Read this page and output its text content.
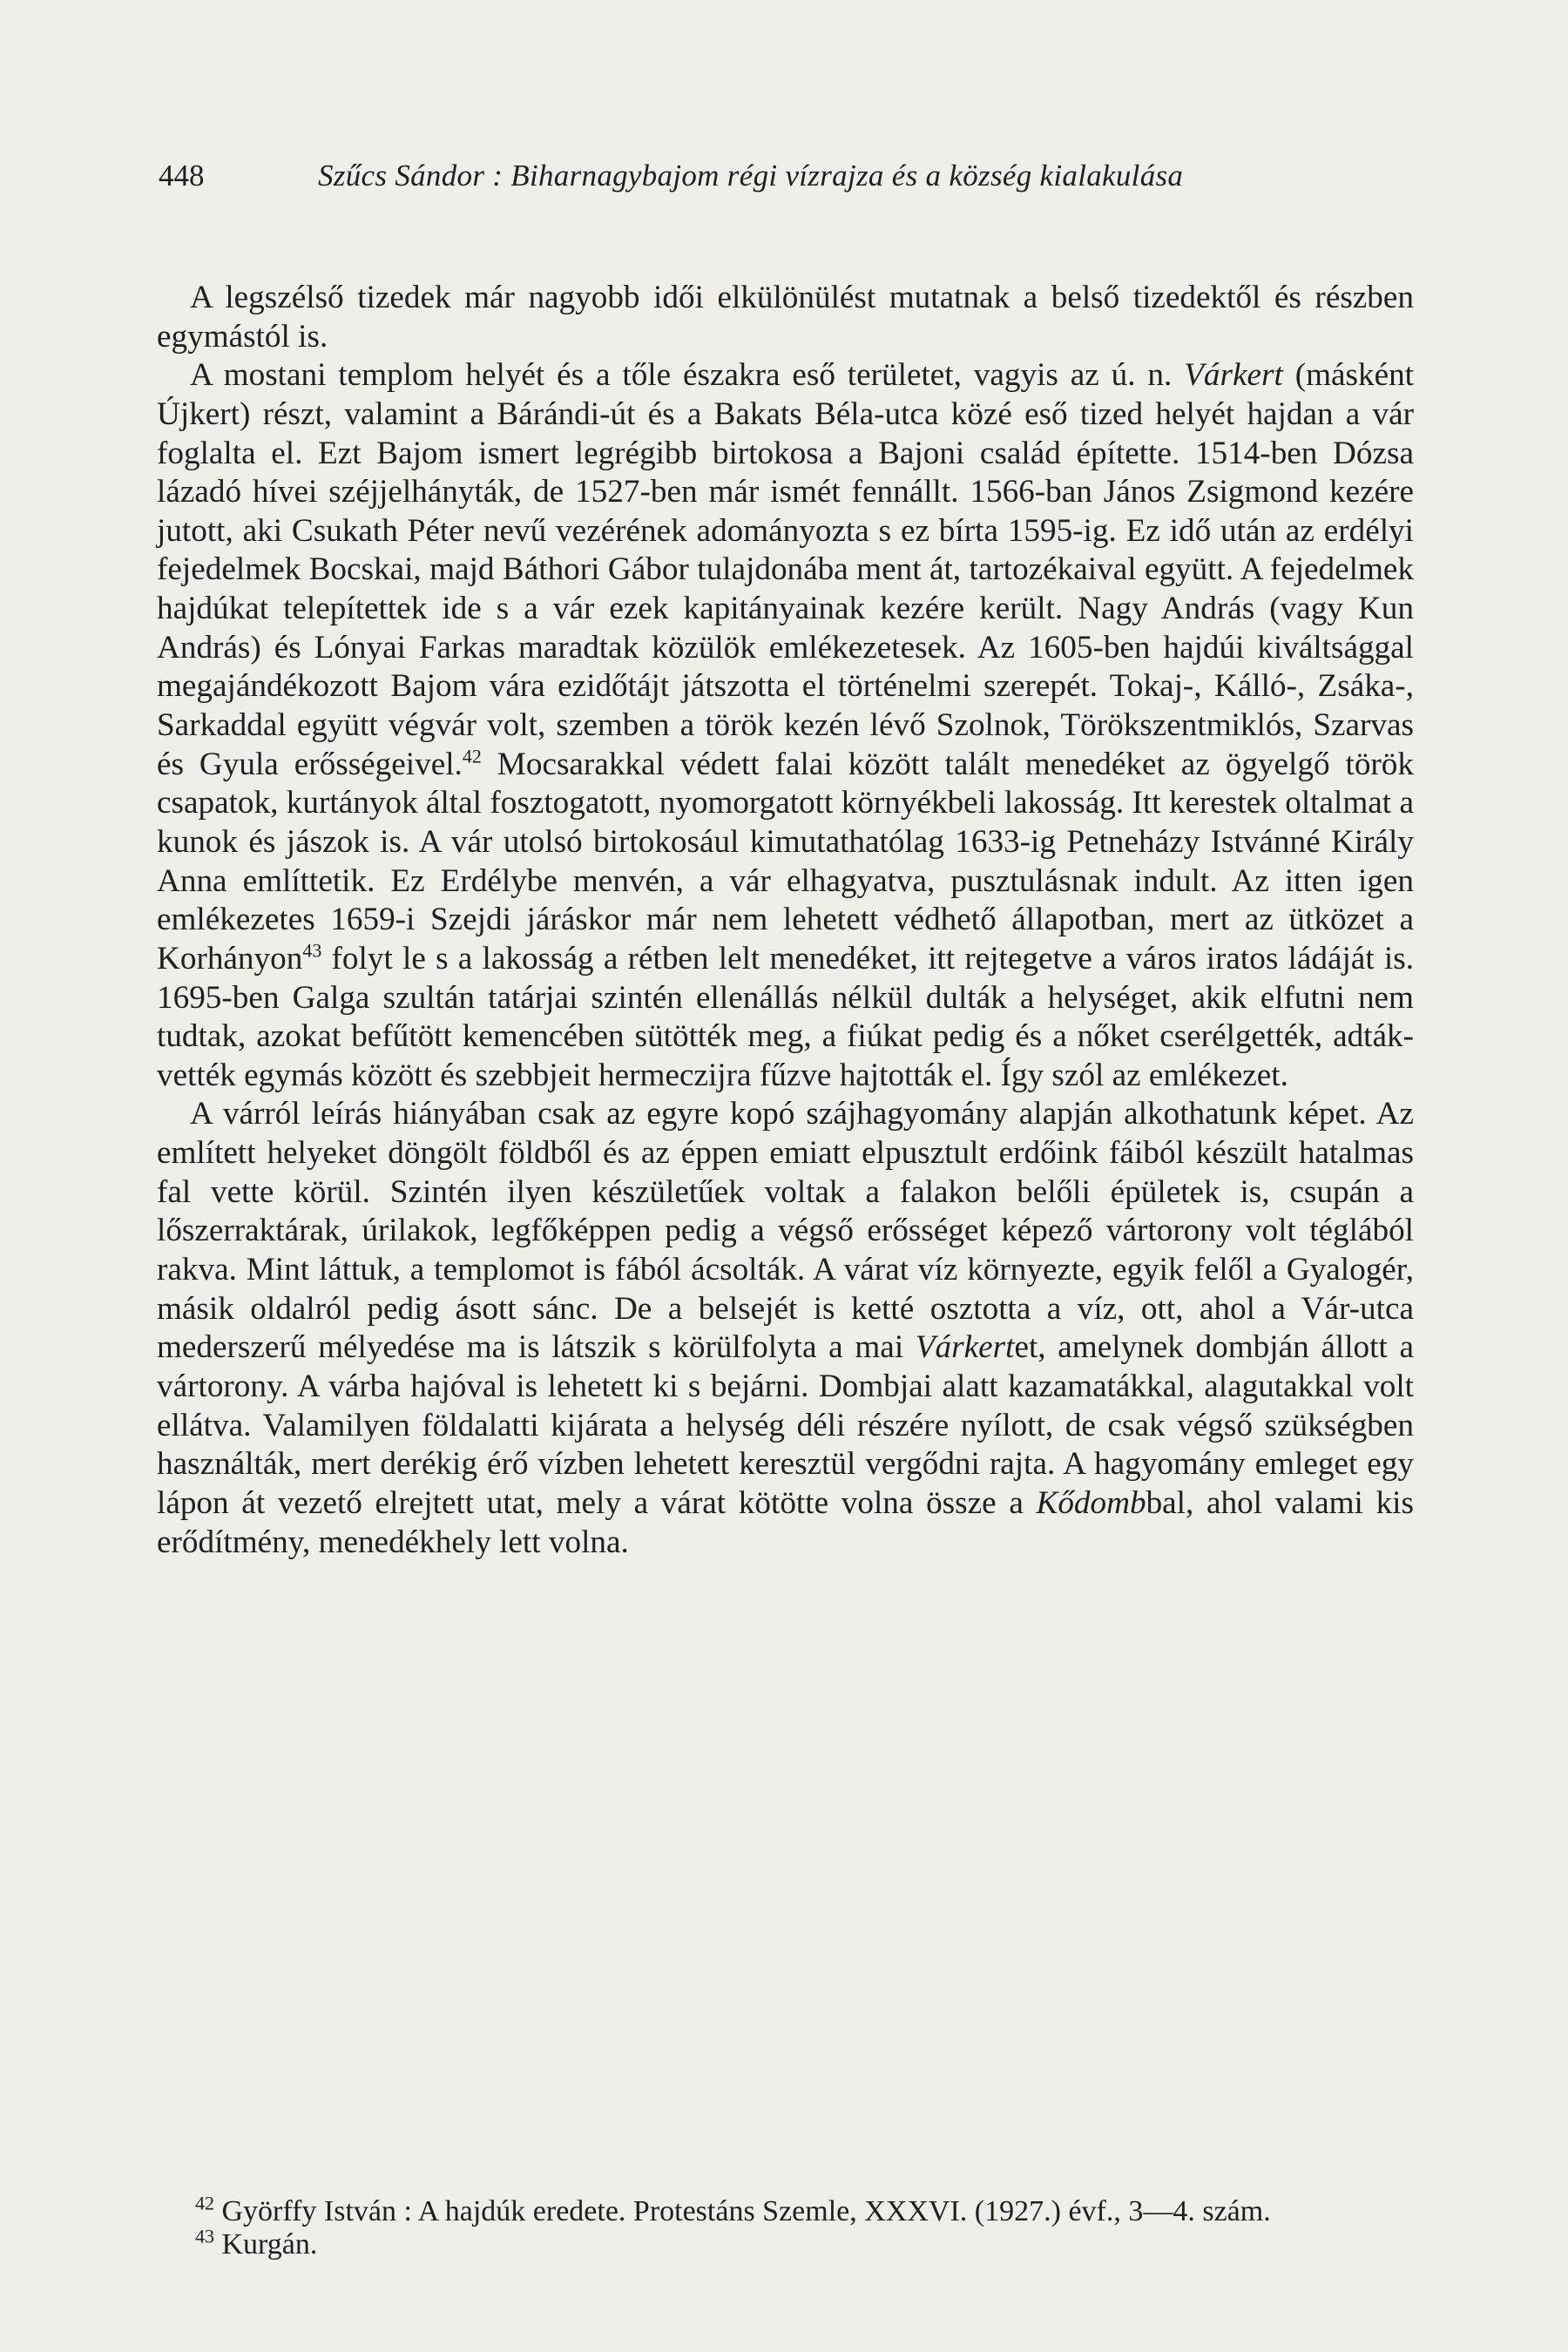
448	Szűcs Sándor : Biharnagybajom régi vízrajza és a község kialakulása

A legszélső tizedek már nagyobb idői elkülönülést mutatnak a belső tizedektől és részben egymástól is.

A mostani templom helyét és a tőle északra eső területet, vagyis az ú. n. Várkert (másként Újkert) részt, valamint a Bárándi-út és a Bakats Béla-utca közé eső tized helyét hajdan a vár foglalta el. Ezt Bajom ismert legrégibb birtokosa a Bajoni család építette. 1514-ben Dózsa lázadó hívei széjjelhányták, de 1527-ben már ismét fennállt. 1566-ban János Zsigmond kezére jutott, aki Csukath Péter nevű vezérének adományozta s ez bírta 1595-ig. Ez idő után az erdélyi fejedelmek Bocskai, majd Báthori Gábor tulajdonába ment át, tartozékaival együtt. A fejedelmek hajdúkat telepítettek ide s a vár ezek kapitányainak kezére került. Nagy András (vagy Kun András) és Lónyai Farkas maradtak közülök emlékezetesek. Az 1605-ben hajdúi kiváltsággal megajándékozott Bajom vára ezidőtájt játszotta el történelmi szerepét. Tokaj-, Kálló-, Zsáka-, Sarkaddal együtt végvár volt, szemben a török kezén lévő Szolnok, Törökszentmiklós, Szarvas és Gyula erősségeivel.$^{42}$ Mocsarakkal védett falai között talált menedéket az ögyelgő török csapatok, kurtányok által fosztogatott, nyomorgatott környékbeli lakosság. Itt kerestek oltalmat a kunok és jászok is. A vár utolsó birtokosául kimutathatólag 1633-ig Petneházy Istvánné Király Anna említtetik. Ez Erdélybe menvén, a vár elhagyatva, pusztulásnak indult. Az itten igen emlékezetes 1659-i Szejdi járáskor már nem lehetett védhető állapotban, mert az ütközet a Korhányon$^{43}$ folyt le s a lakosság a rétben lelt menedéket, itt rejtegetve a város iratos ládáját is. 1695-ben Galga szultán tatárjai szintén ellenállás nélkül dulták a helységet, akik elfutni nem tudtak, azokat befűtött kemencében sütötték meg, a fiúkat pedig és a nőket cserélgették, adták-vették egymás között és szebbjeit hermeczijra fűzve hajtották el. Így szól az emlékezet.

A várról leírás hiányában csak az egyre kopó szájhagyomány alapján alkothatunk képet. Az említett helyeket döngölt földből és az éppen emiatt elpusztult erdőink fáiból készült hatalmas fal vette körül. Szintén ilyen készületűek voltak a falakon belőli épületek is, csupán a lőszerraktárak, úrilakok, legfőképpen pedig a végső erősséget képező vártorony volt téglából rakva. Mint láttuk, a templomot is fából ácsolták. A várat víz környezte, egyik felől a Gyalogér, másik oldalról pedig ásott sánc. De a belsejét is ketté osztotta a víz, ott, ahol a Vár-utca mederszerű mélyedése ma is látszik s körülfolyta a mai Várkertet, amelynek dombján állott a vártorony. A várba hajóval is lehetett ki s bejárni. Dombjai alatt kazamatákkal, alagutakkal volt ellátva. Valamilyen földalatti kijárata a helység déli részére nyílott, de csak végső szükségben használták, mert derékig érő vízben lehetett keresztül vergődni rajta. A hagyomány emleget egy lápon át vezető elrejtett utat, mely a várat kötötte volna össze a Kődombbal, ahol valami kis erődítmény, menedékhely lett volna.

$^{42}$ Györffy István : A hajdúk eredete. Protestáns Szemle, XXXVI. (1927.) évf., 3—4. szám.

$^{43}$ Kurgán.
